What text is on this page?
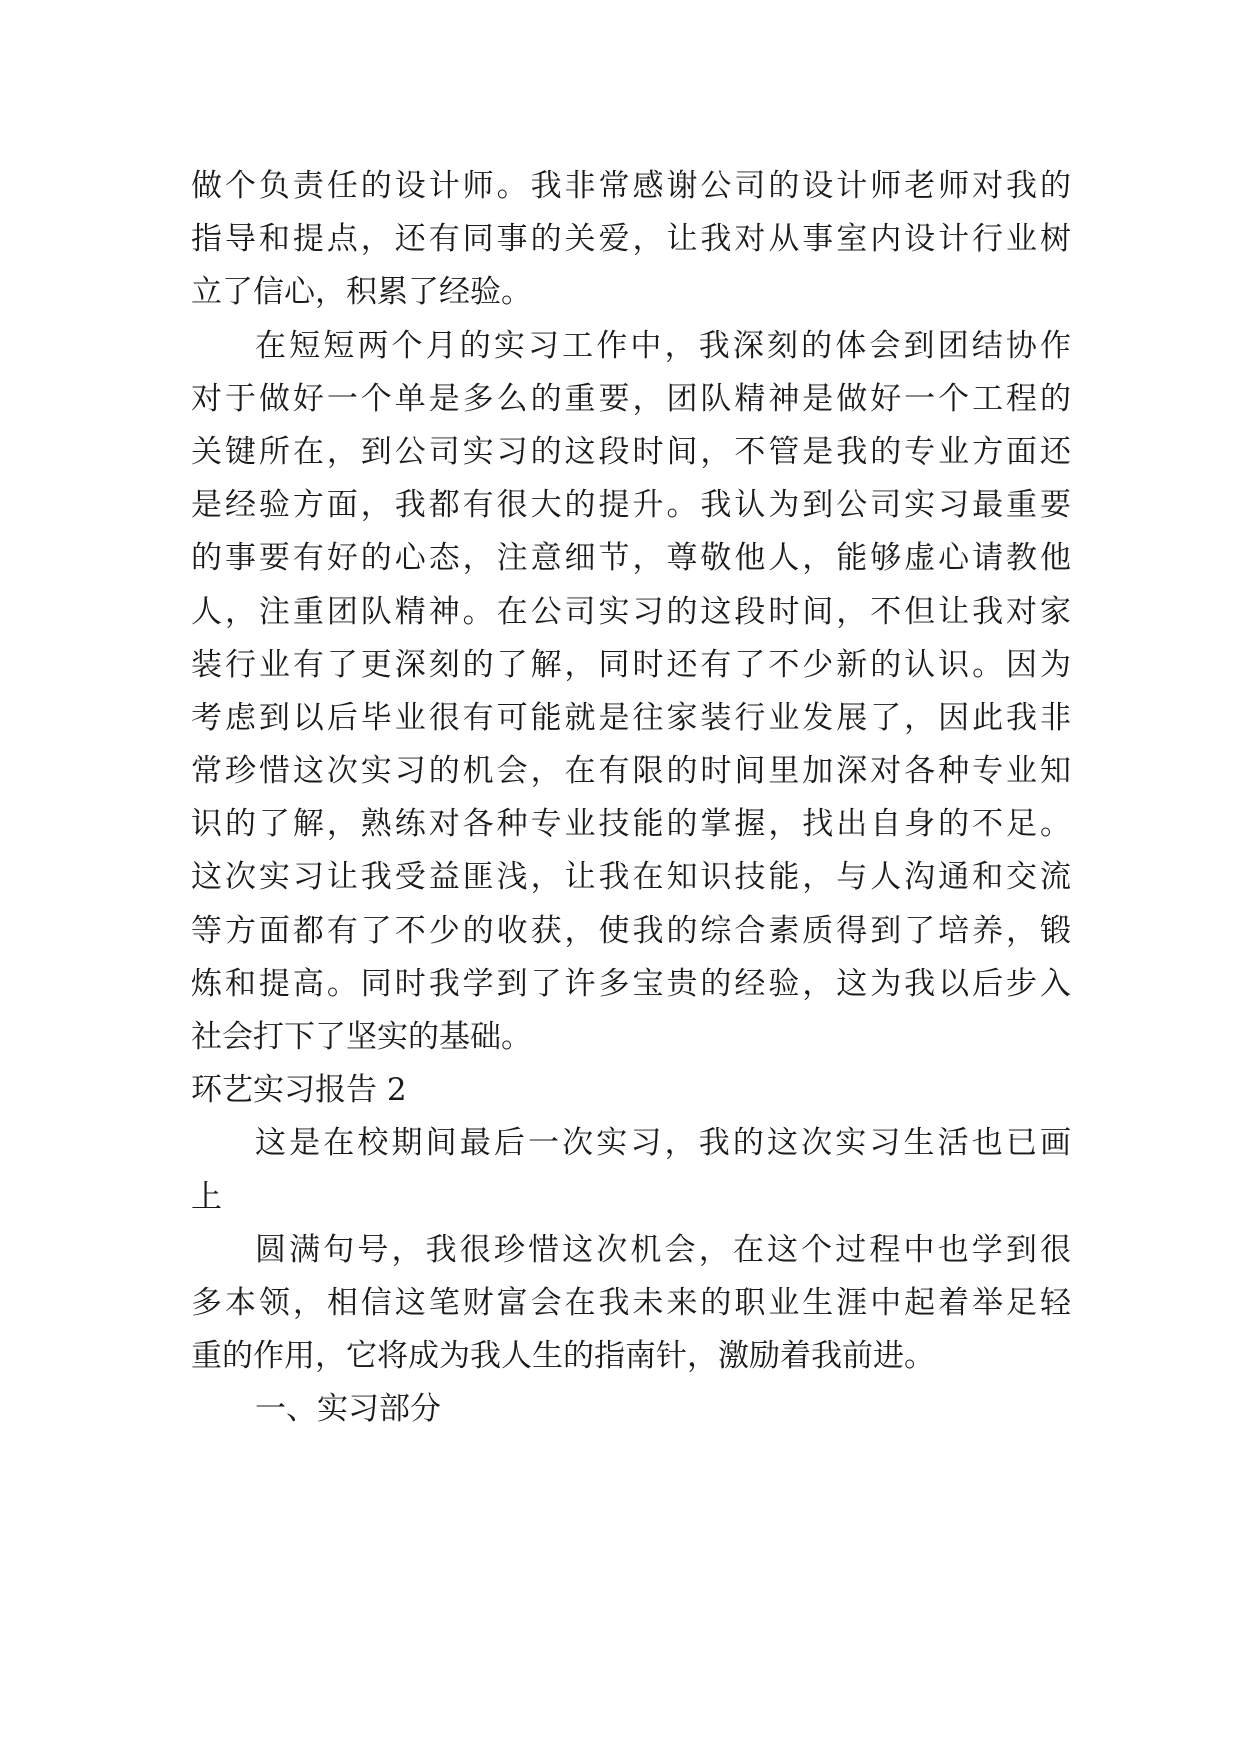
做个负责任的设计师。我非常感谢公司的设计师老师对我的
指导和提点，还有同事的关爱，让我对从事室内设计行业树
立了信心，积累了经验。
在短短两个月的实习工作中，我深刻的体会到团结协作
对于做好一个单是多么的重要，团队精神是做好一个工程的
关键所在，到公司实习的这段时间，不管是我的专业方面还
是经验方面，我都有很大的提升。我认为到公司实习最重要
的事要有好的心态，注意细节，尊敬他人，能够虚心请教他
人，注重团队精神。在公司实习的这段时间，不但让我对家
装行业有了更深刻的了解，同时还有了不少新的认识。因为
考虑到以后毕业很有可能就是往家装行业发展了，因此我非
常珍惜这次实习的机会，在有限的时间里加深对各种专业知
识的了解，熟练对各种专业技能的掌握，找出自身的不足。
这次实习让我受益匪浅，让我在知识技能，与人沟通和交流
等方面都有了不少的收获，使我的综合素质得到了培养，锻
炼和提高。同时我学到了许多宝贵的经验，这为我以后步入
社会打下了坚实的基础。
环艺实习报告 2
这是在校期间最后一次实习，我的这次实习生活也已画
上
圆满句号，我很珍惜这次机会，在这个过程中也学到很
多本领，相信这笔财富会在我未来的职业生涯中起着举足轻
重的作用，它将成为我人生的指南针，激励着我前进。
一、实习部分
